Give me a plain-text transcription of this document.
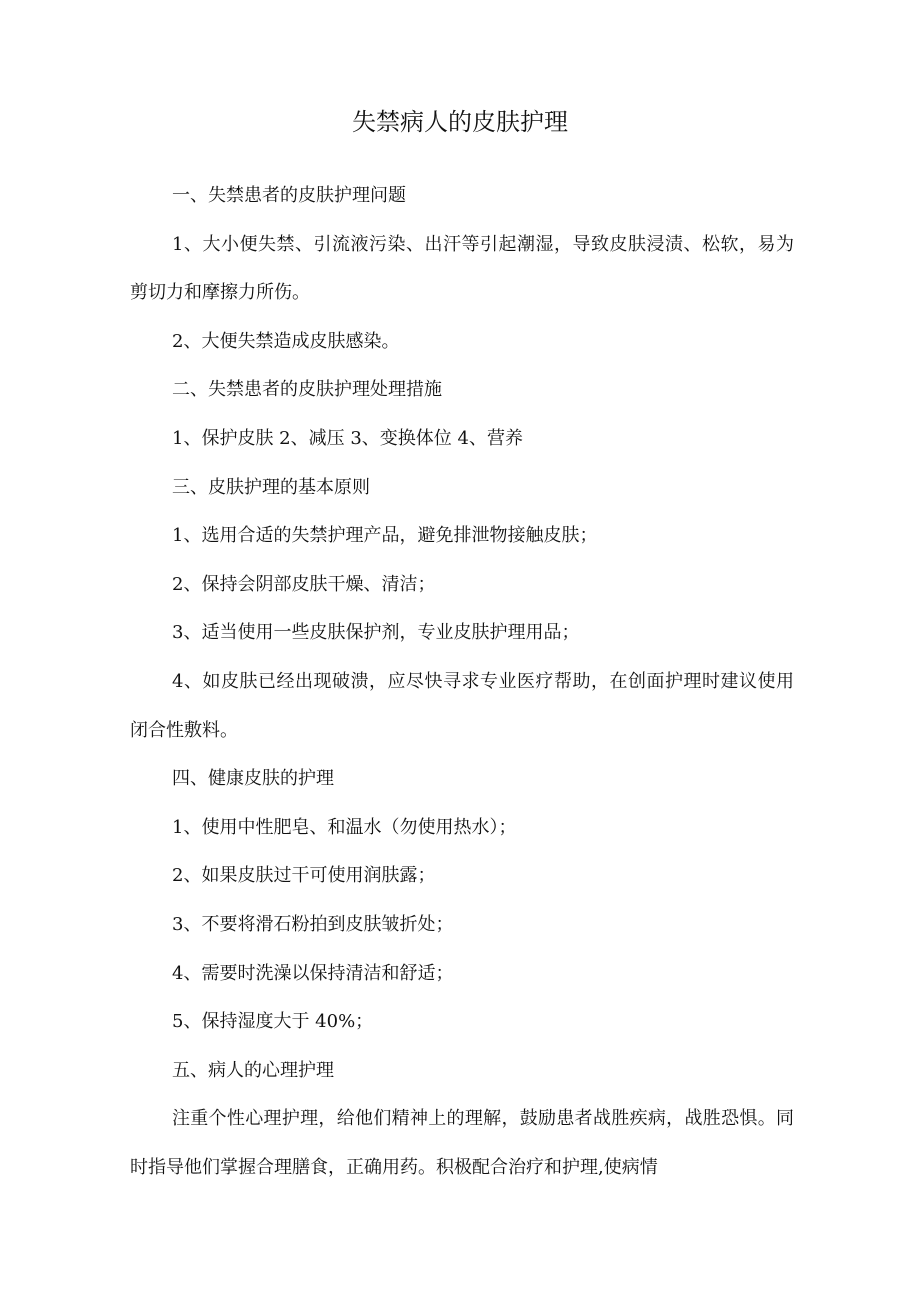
失禁病人的皮肤护理

一、失禁患者的皮肤护理问题

1、大小便失禁、引流液污染、出汗等引起潮湿，导致皮肤浸渍、松软，易为剪切力和摩擦力所伤。

2、大便失禁造成皮肤感染。

二、失禁患者的皮肤护理处理措施

1、保护皮肤 2、减压 3、变换体位 4、营养

三、皮肤护理的基本原则

1、选用合适的失禁护理产品，避免排泄物接触皮肤；

2、保持会阴部皮肤干燥、清洁；

3、适当使用一些皮肤保护剂，专业皮肤护理用品；

4、如皮肤已经出现破溃，应尽快寻求专业医疗帮助，在创面护理时建议使用闭合性敷料。

四、健康皮肤的护理

1、使用中性肥皂、和温水（勿使用热水）；

2、如果皮肤过干可使用润肤露；

3、不要将滑石粉拍到皮肤皱折处；

4、需要时洗澡以保持清洁和舒适；

5、保持湿度大于 40%；

五、病人的心理护理

注重个性心理护理，给他们精神上的理解，鼓励患者战胜疾病，战胜恐惧。同时指导他们掌握合理膳食，正确用药。积极配合治疗和护理,使病情
